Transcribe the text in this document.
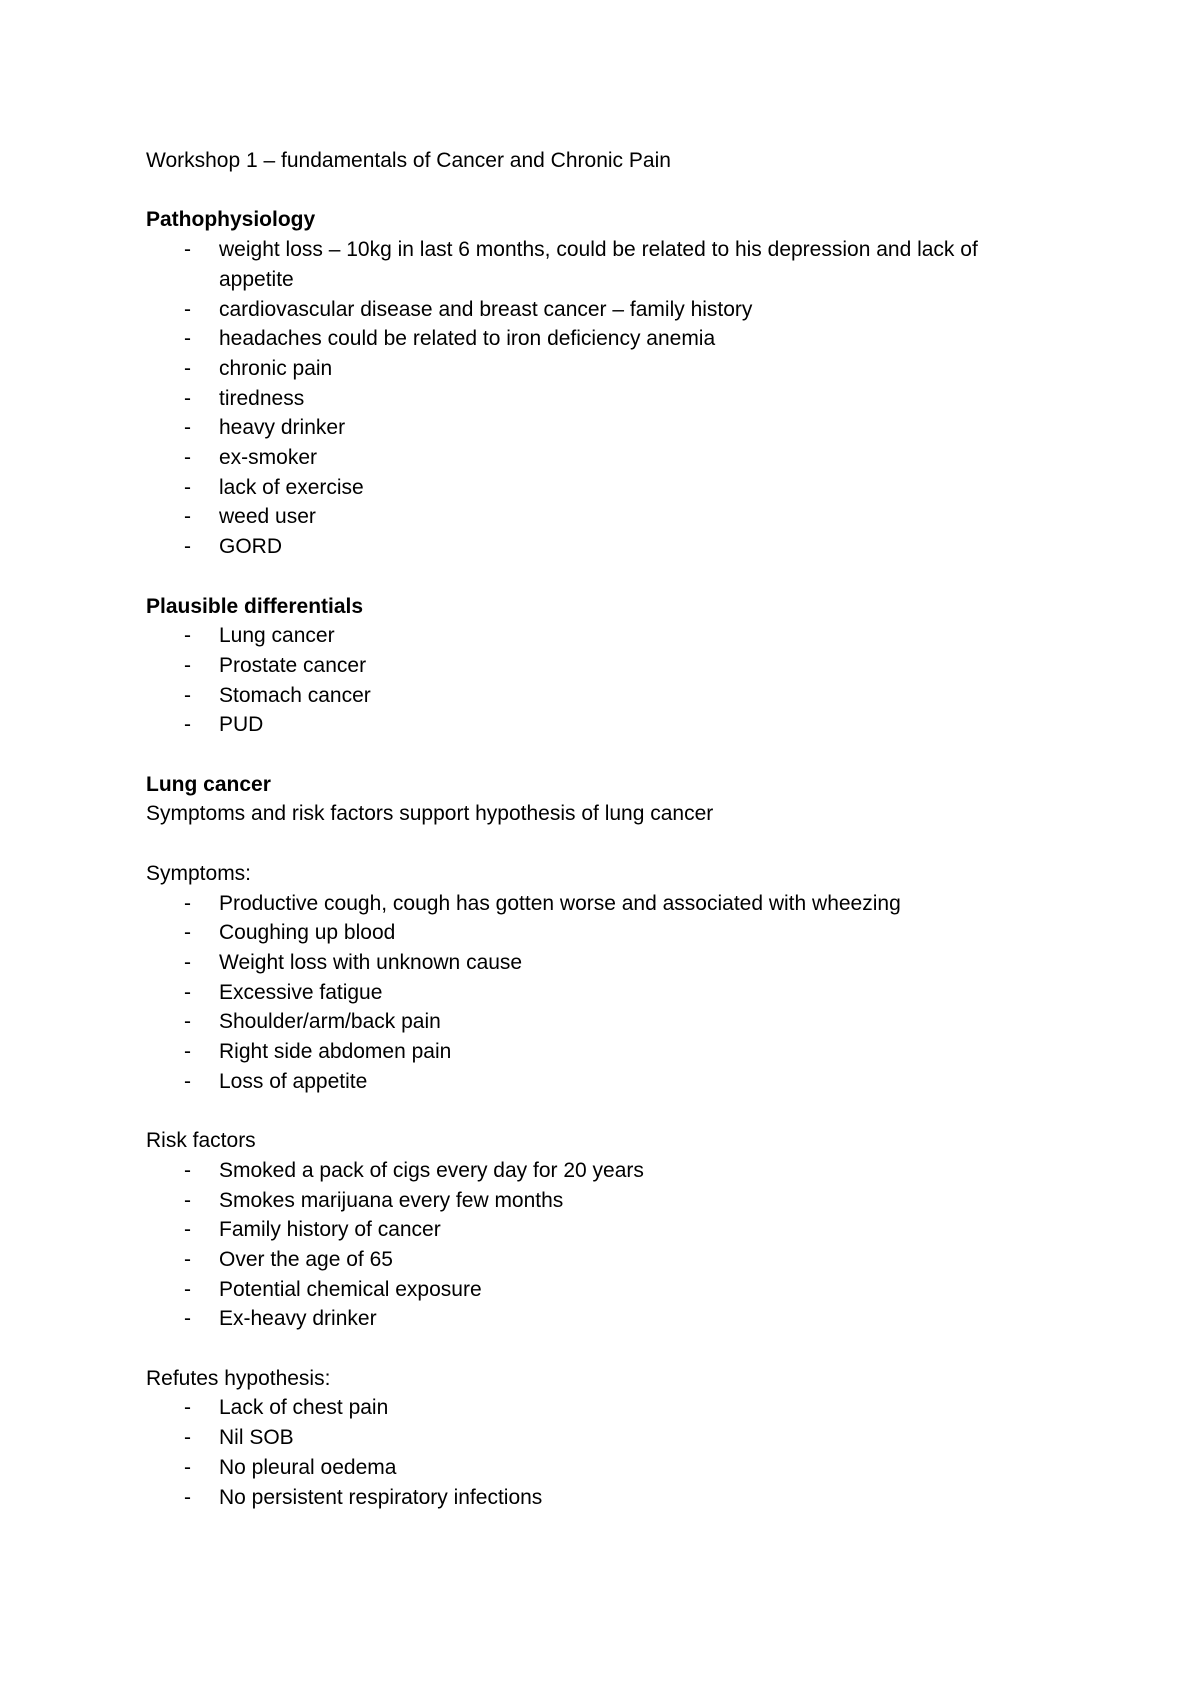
Workshop 1 – fundamentals of Cancer and Chronic Pain

Pathophysiology

- weight loss – 10kg in last 6 months, could be related to his depression and lack of appetite
- cardiovascular disease and breast cancer – family history
- headaches could be related to iron deficiency anemia
- chronic pain
- tiredness
- heavy drinker
- ex-smoker
- lack of exercise
- weed user
- GORD

Plausible differentials

- Lung cancer
- Prostate cancer
- Stomach cancer
- PUD

Lung cancer

Symptoms and risk factors support hypothesis of lung cancer

Symptoms:

- Productive cough, cough has gotten worse and associated with wheezing
- Coughing up blood
- Weight loss with unknown cause
- Excessive fatigue
- Shoulder/arm/back pain
- Right side abdomen pain
- Loss of appetite

Risk factors

- Smoked a pack of cigs every day for 20 years
- Smokes marijuana every few months
- Family history of cancer
- Over the age of 65
- Potential chemical exposure
- Ex-heavy drinker

Refutes hypothesis:

- Lack of chest pain
- Nil SOB
- No pleural oedema
- No persistent respiratory infections
